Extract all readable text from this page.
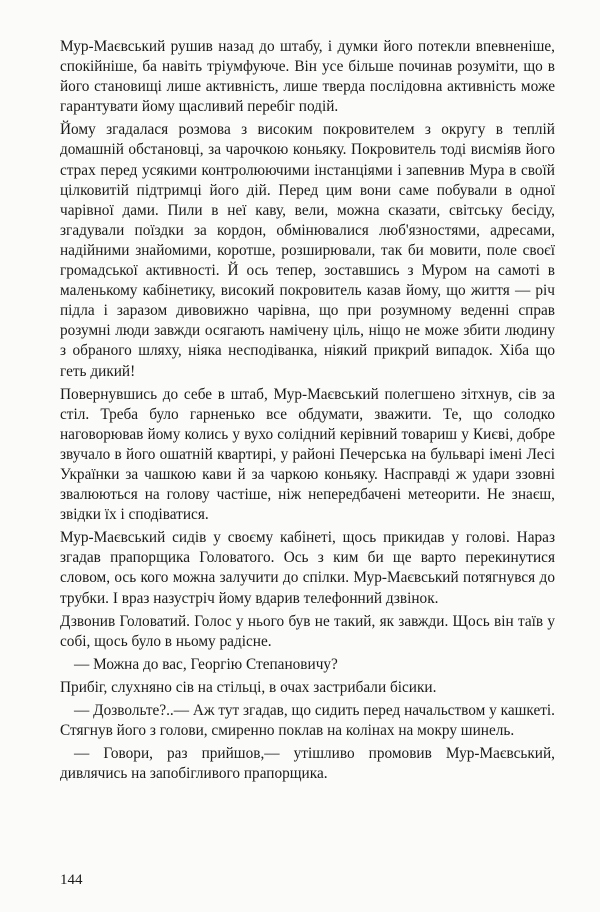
Мур-Маєвський рушив назад до штабу, і думки його потекли впевненіше, спокійніше, ба навіть тріумфуюче. Він усе більше починав розуміти, що в його становищі лише активність, лише тверда послідовна активність може гарантувати йому щасливий перебіг подій.

Йому згадалася розмова з високим покровителем з округу в теплій домашній обстановці, за чарочкою коньяку. Покровитель тоді висміяв його страх перед усякими контролюючими інстанціями і запевнив Мура в своїй цілковитій підтримці його дій. Перед цим вони саме побували в одної чарівної дами. Пили в неї каву, вели, можна сказати, світську бесіду, згадували поїздки за кордон, обмінювалися люб'язностями, адресами, надійними знайомими, коротше, розширювали, так би мовити, поле своєї громадської активності. Й ось тепер, зоставшись з Муром на самоті в маленькому кабінетику, високий покровитель казав йому, що життя — річ підла і заразом дивовижно чарівна, що при розумному веденні справ розумні люди завжди осягають намічену ціль, ніщо не може збити людину з обраного шляху, ніяка несподіванка, ніякий прикрий випадок. Хіба що геть дикий!

Повернувшись до себе в штаб, Мур-Маєвський полегшено зітхнув, сів за стіл. Треба було гарненько все обдумати, зважити. Те, що солодко наговорював йому колись у вухо солідний керівний товариш у Києві, добре звучало в його ошатній квартирі, у районі Печерська на бульварі імені Лесі Українки за чашкою кави й за чаркою коньяку. Насправді ж удари ззовні звалюються на голову частіше, ніж непередбачені метеорити. Не знаєш, звідки їх і сподіватися.

Мур-Маєвський сидів у своєму кабінеті, щось прикидав у голові. Нараз згадав прапорщика Головатого. Ось з ким би ще варто перекинутися словом, ось кого можна залучити до спілки. Мур-Маєвський потягнувся до трубки. І враз назустріч йому вдарив телефонний дзвінок.

Дзвонив Головатий. Голос у нього був не такий, як завжди. Щось він таїв у собі, щось було в ньому радісне.

— Можна до вас, Георгію Степановичу?

Прибіг, слухняно сів на стільці, в очах застрибали бісики.

— Дозвольте?..— Аж тут згадав, що сидить перед начальством у кашкеті. Стягнув його з голови, смиренно поклав на колінах на мокру шинель.

— Говори, раз прийшов,— утішливо промовив Мур-Маєвський, дивлячись на запобігливого прапорщика.

144
